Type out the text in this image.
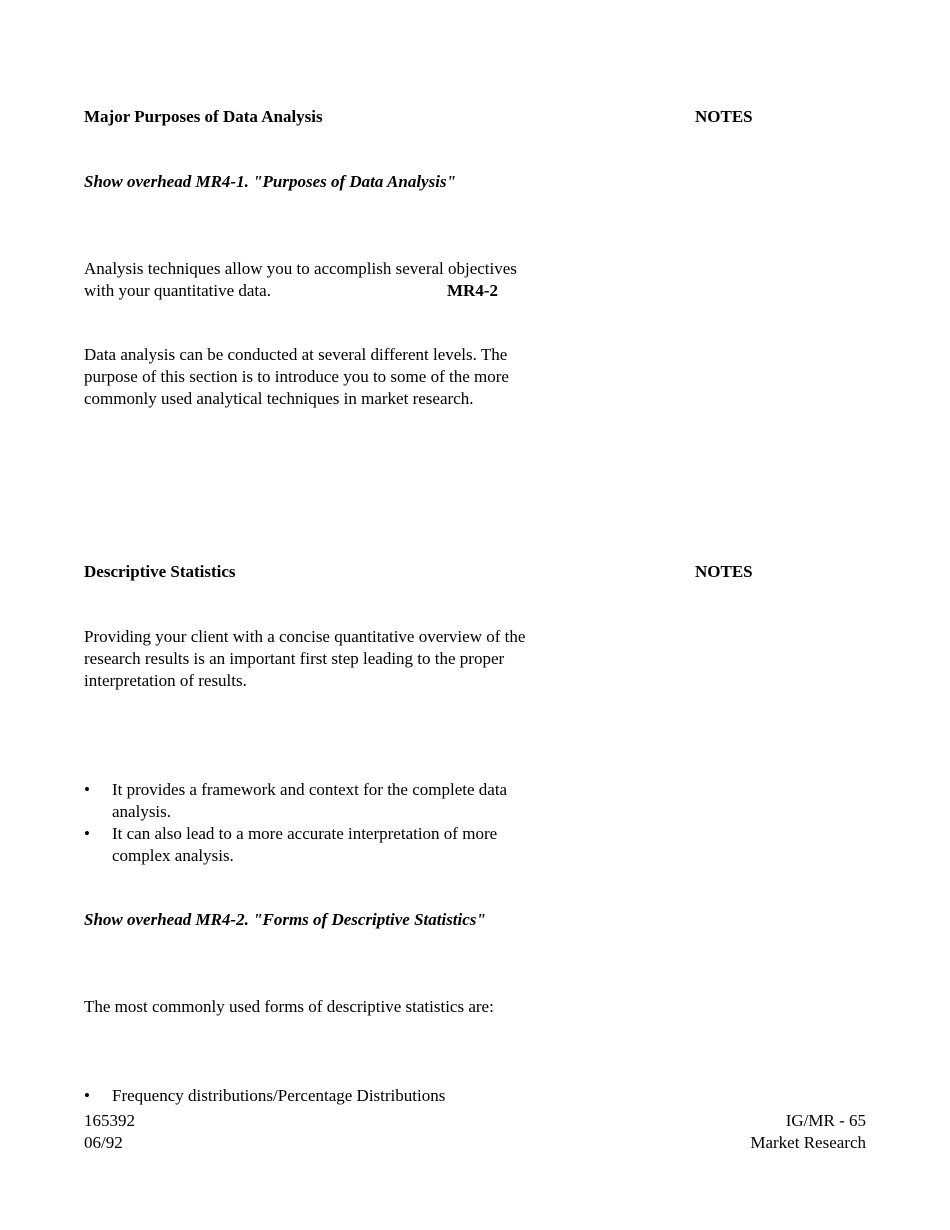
Major Purposes of Data Analysis	NOTES
Show overhead MR4-1. "Purposes of Data Analysis"
Analysis techniques allow you to accomplish several objectives
with your quantitative data.	MR4-2
Data analysis can be conducted at several different levels. The
purpose of this section is to introduce you to some of the more
commonly used analytical techniques in market research.
Descriptive Statistics	NOTES
Providing your client with a concise quantitative overview of the
research results is an important first step leading to the proper
interpretation of results.
• It provides a framework and context for the complete data
analysis.
• It can also lead to a more accurate interpretation of more
complex analysis.
Show overhead MR4-2. "Forms of Descriptive Statistics"
The most commonly used forms of descriptive statistics are:
• Frequency distributions/Percentage Distributions
165392
06/92
IG/MR - 65
Market Research
